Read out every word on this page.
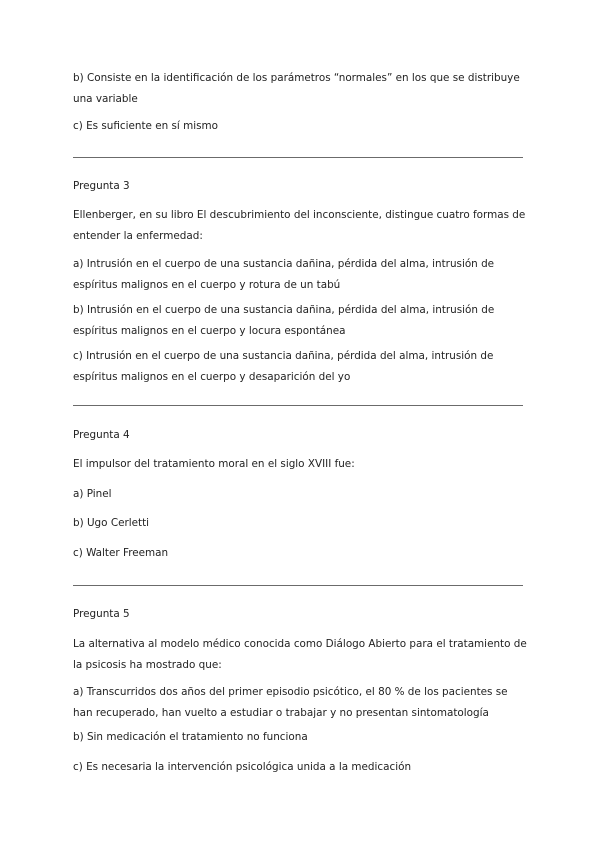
b) Consiste en la identificación de los parámetros “normales” en los que se distribuye una variable

c) Es suficiente en sí mismo

Pregunta 3

Ellenberger, en su libro El descubrimiento del inconsciente, distingue cuatro formas de entender la enfermedad:

a) Intrusión en el cuerpo de una sustancia dañina, pérdida del alma, intrusión de espíritus malignos en el cuerpo y rotura de un tabú

b) Intrusión en el cuerpo de una sustancia dañina, pérdida del alma, intrusión de espíritus malignos en el cuerpo y locura espontánea

c) Intrusión en el cuerpo de una sustancia dañina, pérdida del alma, intrusión de espíritus malignos en el cuerpo y desaparición del yo

Pregunta 4

El impulsor del tratamiento moral en el siglo XVIII fue:

a) Pinel

b) Ugo Cerletti

c) Walter Freeman

Pregunta 5

La alternativa al modelo médico conocida como Diálogo Abierto para el tratamiento de la psicosis ha mostrado que:

a) Transcurridos dos años del primer episodio psicótico, el 80 % de los pacientes se han recuperado, han vuelto a estudiar o trabajar y no presentan sintomatología

b) Sin medicación el tratamiento no funciona

c) Es necesaria la intervención psicológica unida a la medicación
